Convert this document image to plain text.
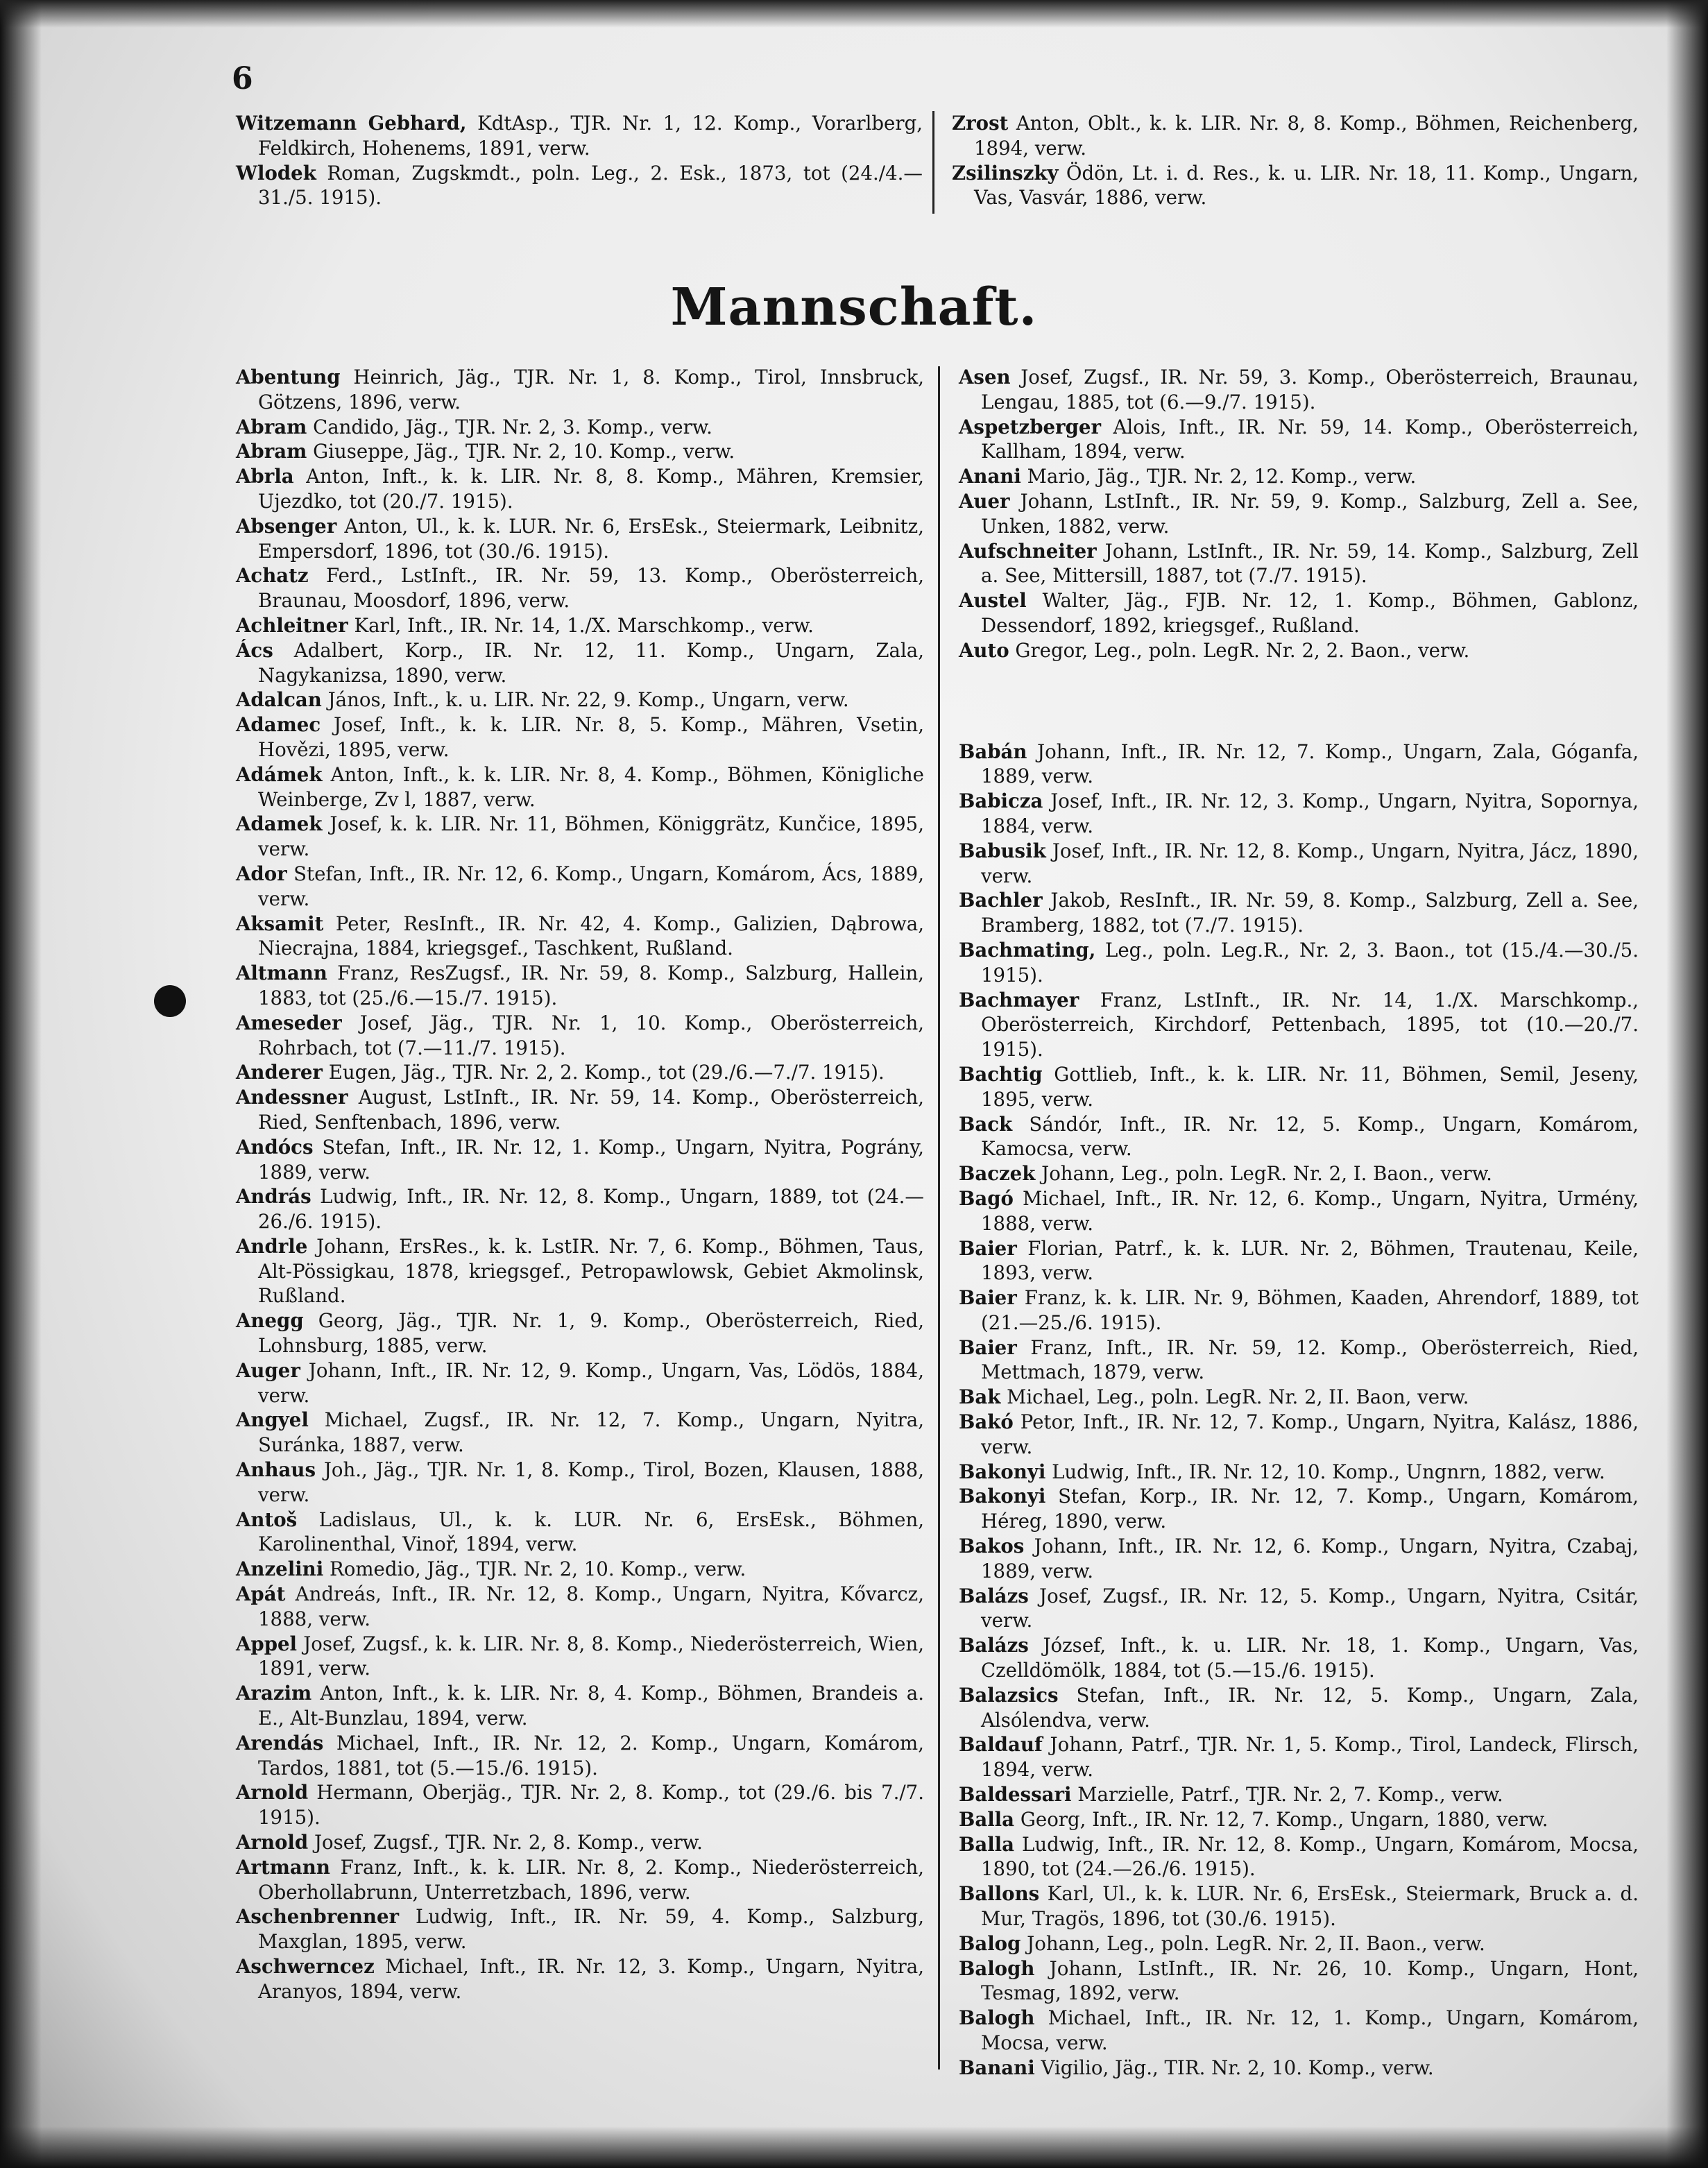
6
Witzemann Gebhard, KdtAsp., TJR. Nr. 1, 12. Komp., Vorarlberg, Feldkirch, Hohenems, 1891, verw.
Wlodek Roman, Zugskmdt., poln. Leg., 2. Esk., 1873, tot (24./4.—31./5. 1915).
Zrost Anton, Oblt., k. k. LIR. Nr. 8, 8. Komp., Böhmen, Reichenberg, 1894, verw.
Zsilinszky Ödön, Lt. i. d. Res., k. u. LIR. Nr. 18, 11. Komp., Ungarn, Vas, Vasvár, 1886, verw.
Mannschaft.
Abentung Heinrich, Jäg., TJR. Nr. 1, 8. Komp., Tirol, Innsbruck, Götzens, 1896, verw.
Abram Candido, Jäg., TJR. Nr. 2, 3. Komp., verw.
Abram Giuseppe, Jäg., TJR. Nr. 2, 10. Komp., verw.
Abrla Anton, Inft., k. k. LIR. Nr. 8, 8. Komp., Mähren, Kremsier, Ujezdko, tot (20./7. 1915).
Absenger Anton, Ul., k. k. LUR. Nr. 6, ErsEsk., Steiermark, Leibnitz, Empersdorf, 1896, tot (30./6. 1915).
Achatz Ferd., LstInft., IR. Nr. 59, 13. Komp., Oberösterreich, Braunau, Moosdorf, 1896, verw.
Achleitner Karl, Inft., IR. Nr. 14, 1./X. Marschkomp., verw.
Ács Adalbert, Korp., IR. Nr. 12, 11. Komp., Ungarn, Zala, Nagykanizsa, 1890, verw.
Adalcan János, Inft., k. u. LIR. Nr. 22, 9. Komp., Ungarn, verw.
Adamec Josef, Inft., k. k. LIR. Nr. 8, 5. Komp., Mähren, Vsetin, Hovězi, 1895, verw.
Adámek Anton, Inft., k. k. LIR. Nr. 8, 4. Komp., Böhmen, Königliche Weinberge, Zv l, 1887, verw.
Adamek Josef, k. k. LIR. Nr. 11, Böhmen, Königgrätz, Kunčice, 1895, verw.
Ador Stefan, Inft., IR. Nr. 12, 6. Komp., Ungarn, Komárom, Ács, 1889, verw.
Aksamit Peter, ResInft., IR. Nr. 42, 4. Komp., Galizien, Dąbrowa, Niecrajna, 1884, kriegsgef., Taschkent, Rußland.
Altmann Franz, ResZugsf., IR. Nr. 59, 8. Komp., Salzburg, Hallein, 1883, tot (25./6.—15./7. 1915).
Ameseder Josef, Jäg., TJR. Nr. 1, 10. Komp., Oberösterreich, Rohrbach, tot (7.—11./7. 1915).
Anderer Eugen, Jäg., TJR. Nr. 2, 2. Komp., tot (29./6.—7./7. 1915).
Andessner August, LstInft., IR. Nr. 59, 14. Komp., Oberösterreich, Ried, Senftenbach, 1896, verw.
Andócs Stefan, Inft., IR. Nr. 12, 1. Komp., Ungarn, Nyitra, Pográny, 1889, verw.
András Ludwig, Inft., IR. Nr. 12, 8. Komp., Ungarn, 1889, tot (24.—26./6. 1915).
Andrle Johann, ErsRes., k. k. LstIR. Nr. 7, 6. Komp., Böhmen, Taus, Alt-Pössigkau, 1878, kriegsgef., Petropawlowsk, Gebiet Akmolinsk, Rußland.
Anegg Georg, Jäg., TJR. Nr. 1, 9. Komp., Oberösterreich, Ried, Lohnsburg, 1885, verw.
Auger Johann, Inft., IR. Nr. 12, 9. Komp., Ungarn, Vas, Lödös, 1884, verw.
Angyel Michael, Zugsf., IR. Nr. 12, 7. Komp., Ungarn, Nyitra, Suránka, 1887, verw.
Anhaus Joh., Jäg., TJR. Nr. 1, 8. Komp., Tirol, Bozen, Klausen, 1888, verw.
Antoš Ladislaus, Ul., k. k. LUR. Nr. 6, ErsEsk., Böhmen, Karolinenthal, Vinoř, 1894, verw.
Anzelini Romedio, Jäg., TJR. Nr. 2, 10. Komp., verw.
Apát Andreás, Inft., IR. Nr. 12, 8. Komp., Ungarn, Nyitra, Kővarcz, 1888, verw.
Appel Josef, Zugsf., k. k. LIR. Nr. 8, 8. Komp., Niederösterreich, Wien, 1891, verw.
Arazim Anton, Inft., k. k. LIR. Nr. 8, 4. Komp., Böhmen, Brandeis a. E., Alt-Bunzlau, 1894, verw.
Arendás Michael, Inft., IR. Nr. 12, 2. Komp., Ungarn, Komárom, Tardos, 1881, tot (5.—15./6. 1915).
Arnold Hermann, Oberjäg., TJR. Nr. 2, 8. Komp., tot (29./6. bis 7./7. 1915).
Arnold Josef, Zugsf., TJR. Nr. 2, 8. Komp., verw.
Artmann Franz, Inft., k. k. LIR. Nr. 8, 2. Komp., Niederösterreich, Oberhollabrunn, Unterretzbach, 1896, verw.
Aschenbrenner Ludwig, Inft., IR. Nr. 59, 4. Komp., Salzburg, Maxglan, 1895, verw.
Aschwerncez Michael, Inft., IR. Nr. 12, 3. Komp., Ungarn, Nyitra, Aranyos, 1894, verw.
Asen Josef, Zugsf., IR. Nr. 59, 3. Komp., Oberösterreich, Braunau, Lengau, 1885, tot (6.—9./7. 1915).
Aspetzberger Alois, Inft., IR. Nr. 59, 14. Komp., Oberösterreich, Kallham, 1894, verw.
Anani Mario, Jäg., TJR. Nr. 2, 12. Komp., verw.
Auer Johann, LstInft., IR. Nr. 59, 9. Komp., Salzburg, Zell a. See, Unken, 1882, verw.
Aufschneiter Johann, LstInft., IR. Nr. 59, 14. Komp., Salzburg, Zell a. See, Mittersill, 1887, tot (7./7. 1915).
Austel Walter, Jäg., FJB. Nr. 12, 1. Komp., Böhmen, Gablonz, Dessendorf, 1892, kriegsgef., Rußland.
Auto Gregor, Leg., poln. LegR. Nr. 2, 2. Baon., verw.
Babán Johann, Inft., IR. Nr. 12, 7. Komp., Ungarn, Zala, Góganfa, 1889, verw.
Babicza Josef, Inft., IR. Nr. 12, 3. Komp., Ungarn, Nyitra, Sopornya, 1884, verw.
Babusik Josef, Inft., IR. Nr. 12, 8. Komp., Ungarn, Nyitra, Jácz, 1890, verw.
Bachler Jakob, ResInft., IR. Nr. 59, 8. Komp., Salzburg, Zell a. See, Bramberg, 1882, tot (7./7. 1915).
Bachmating, Leg., poln. Leg.R., Nr. 2, 3. Baon., tot (15./4.—30./5. 1915).
Bachmayer Franz, LstInft., IR. Nr. 14, 1./X. Marschkomp., Oberösterreich, Kirchdorf, Pettenbach, 1895, tot (10.—20./7. 1915).
Bachtig Gottlieb, Inft., k. k. LIR. Nr. 11, Böhmen, Semil, Jeseny, 1895, verw.
Back Sándór, Inft., IR. Nr. 12, 5. Komp., Ungarn, Komárom, Kamocsa, verw.
Baczek Johann, Leg., poln. LegR. Nr. 2, I. Baon., verw.
Bagó Michael, Inft., IR. Nr. 12, 6. Komp., Ungarn, Nyitra, Urmény, 1888, verw.
Baier Florian, Patrf., k. k. LUR. Nr. 2, Böhmen, Trautenau, Keile, 1893, verw.
Baier Franz, k. k. LIR. Nr. 9, Böhmen, Kaaden, Ahrendorf, 1889, tot (21.—25./6. 1915).
Baier Franz, Inft., IR. Nr. 59, 12. Komp., Oberösterreich, Ried, Mettmach, 1879, verw.
Bak Michael, Leg., poln. LegR. Nr. 2, II. Baon, verw.
Bakó Petor, Inft., IR. Nr. 12, 7. Komp., Ungarn, Nyitra, Kalász, 1886, verw.
Bakonyi Ludwig, Inft., IR. Nr. 12, 10. Komp., Ungnrn, 1882, verw.
Bakonyi Stefan, Korp., IR. Nr. 12, 7. Komp., Ungarn, Komárom, Héreg, 1890, verw.
Bakos Johann, Inft., IR. Nr. 12, 6. Komp., Ungarn, Nyitra, Czabaj, 1889, verw.
Balázs Josef, Zugsf., IR. Nr. 12, 5. Komp., Ungarn, Nyitra, Csitár, verw.
Balázs József, Inft., k. u. LIR. Nr. 18, 1. Komp., Ungarn, Vas, Czelldömölk, 1884, tot (5.—15./6. 1915).
Balazsics Stefan, Inft., IR. Nr. 12, 5. Komp., Ungarn, Zala, Alsólendva, verw.
Baldauf Johann, Patrf., TJR. Nr. 1, 5. Komp., Tirol, Landeck, Flirsch, 1894, verw.
Baldessari Marzielle, Patrf., TJR. Nr. 2, 7. Komp., verw.
Balla Georg, Inft., IR. Nr. 12, 7. Komp., Ungarn, 1880, verw.
Balla Ludwig, Inft., IR. Nr. 12, 8. Komp., Ungarn, Komárom, Mocsa, 1890, tot (24.—26./6. 1915).
Ballons Karl, Ul., k. k. LUR. Nr. 6, ErsEsk., Steiermark, Bruck a. d. Mur, Tragös, 1896, tot (30./6. 1915).
Balog Johann, Leg., poln. LegR. Nr. 2, II. Baon., verw.
Balogh Johann, LstInft., IR. Nr. 26, 10. Komp., Ungarn, Hont, Tesmag, 1892, verw.
Balogh Michael, Inft., IR. Nr. 12, 1. Komp., Ungarn, Komárom, Mocsa, verw.
Banani Vigilio, Jäg., TIR. Nr. 2, 10. Komp., verw.
